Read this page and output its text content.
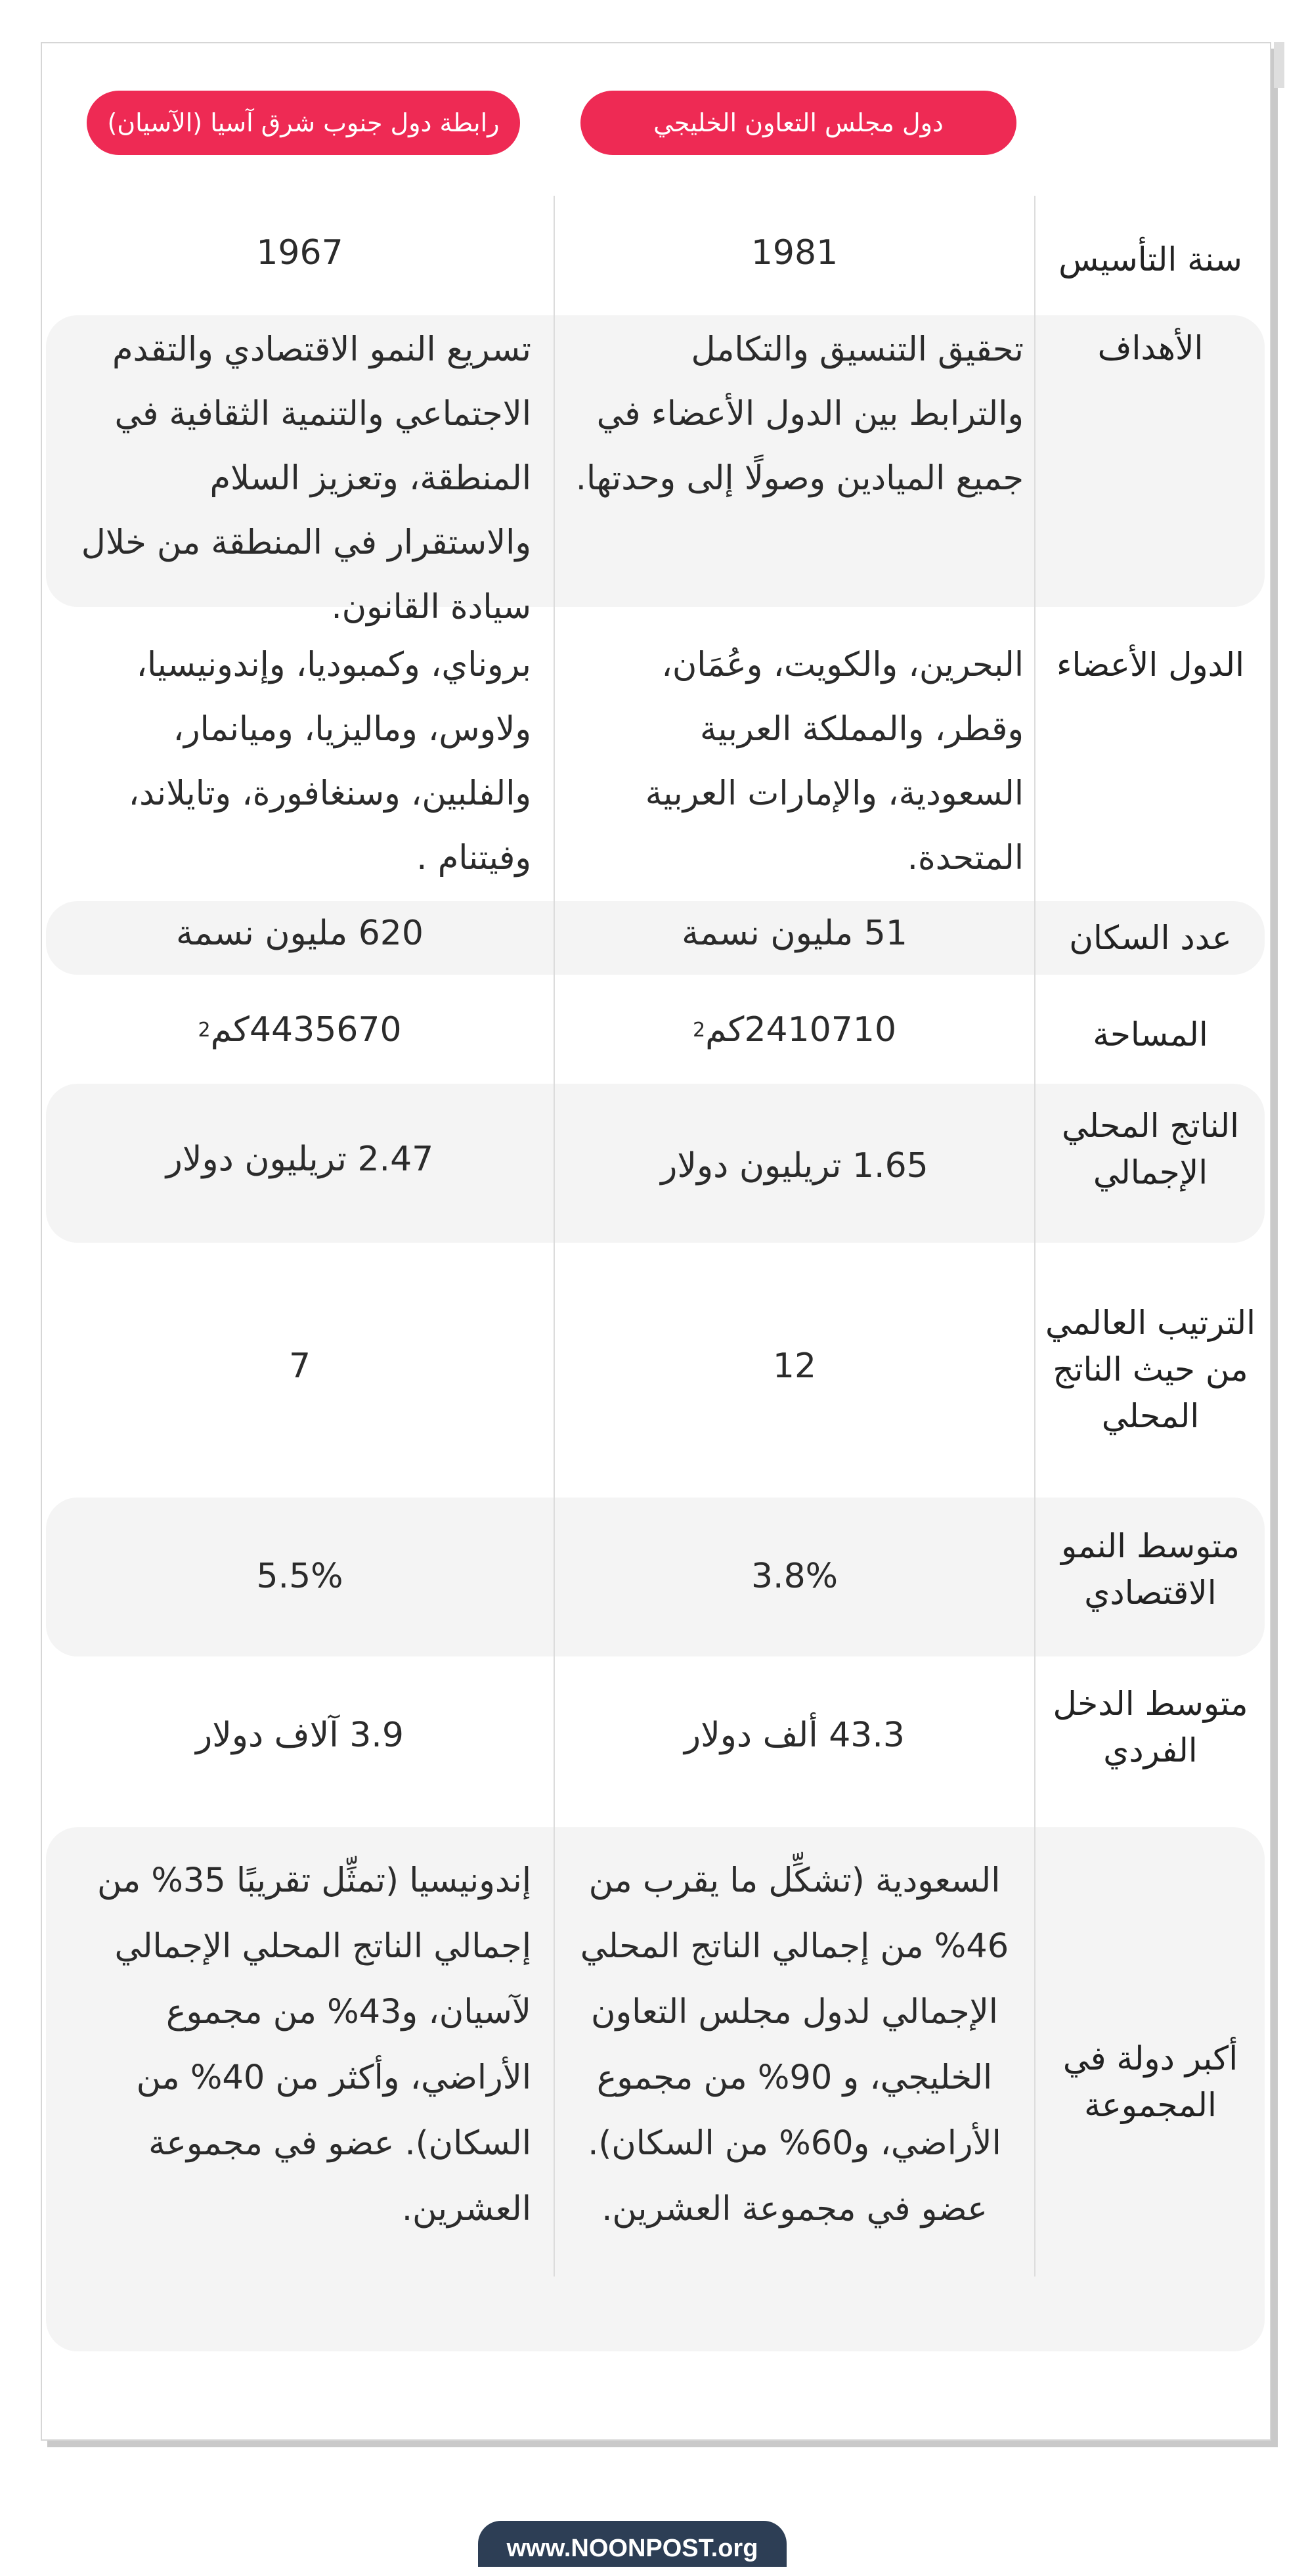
دول مجلس التعاون الخليجي
رابطة دول جنوب شرق آسيا (الآسيان)
سنة التأسيس
1981
1967
الأهداف
تحقيق التنسيق والتكامل والترابط بين الدول الأعضاء في جميع الميادين وصولًا إلى وحدتها.
تسريع النمو الاقتصادي والتقدم الاجتماعي والتنمية الثقافية في المنطقة، وتعزيز السلام والاستقرار في المنطقة من خلال سيادة القانون.
الدول الأعضاء
البحرين، والكويت، وعُمَان، وقطر، والمملكة العربية السعودية، والإمارات العربية المتحدة.
بروناي، وكمبوديا، وإندونيسيا، ولاوس، وماليزيا، وميانمار، والفلبين، وسنغافورة، وتايلاند، وفيتنام .
عدد السكان
51 مليون نسمة
620 مليون نسمة
المساحة
2410710كم
2
4435670كم
2
الناتج المحلي الإجمالي
1.65 تريليون دولار
2.47 تريليون دولار
الترتيب العالمي من حيث الناتج المحلي
12
7
متوسط النمو الاقتصادي
3.8%
5.5%
متوسط الدخل الفردي
43.3 ألف دولار
3.9 آلاف دولار
أكبر دولة في المجموعة
السعودية (تشكِّل ما يقرب من 46% من إجمالي الناتج المحلي الإجمالي لدول مجلس التعاون الخليجي، و 90% من مجموع الأراضي، و60% من السكان). عضو في مجموعة العشرين.
إندونيسيا (تمثِّل تقريبًا 35% من إجمالي الناتج المحلي الإجمالي لآسيان، و43% من مجموع الأراضي، وأكثر من 40% من السكان). عضو في مجموعة العشرين.
www.NOONPOST.org
